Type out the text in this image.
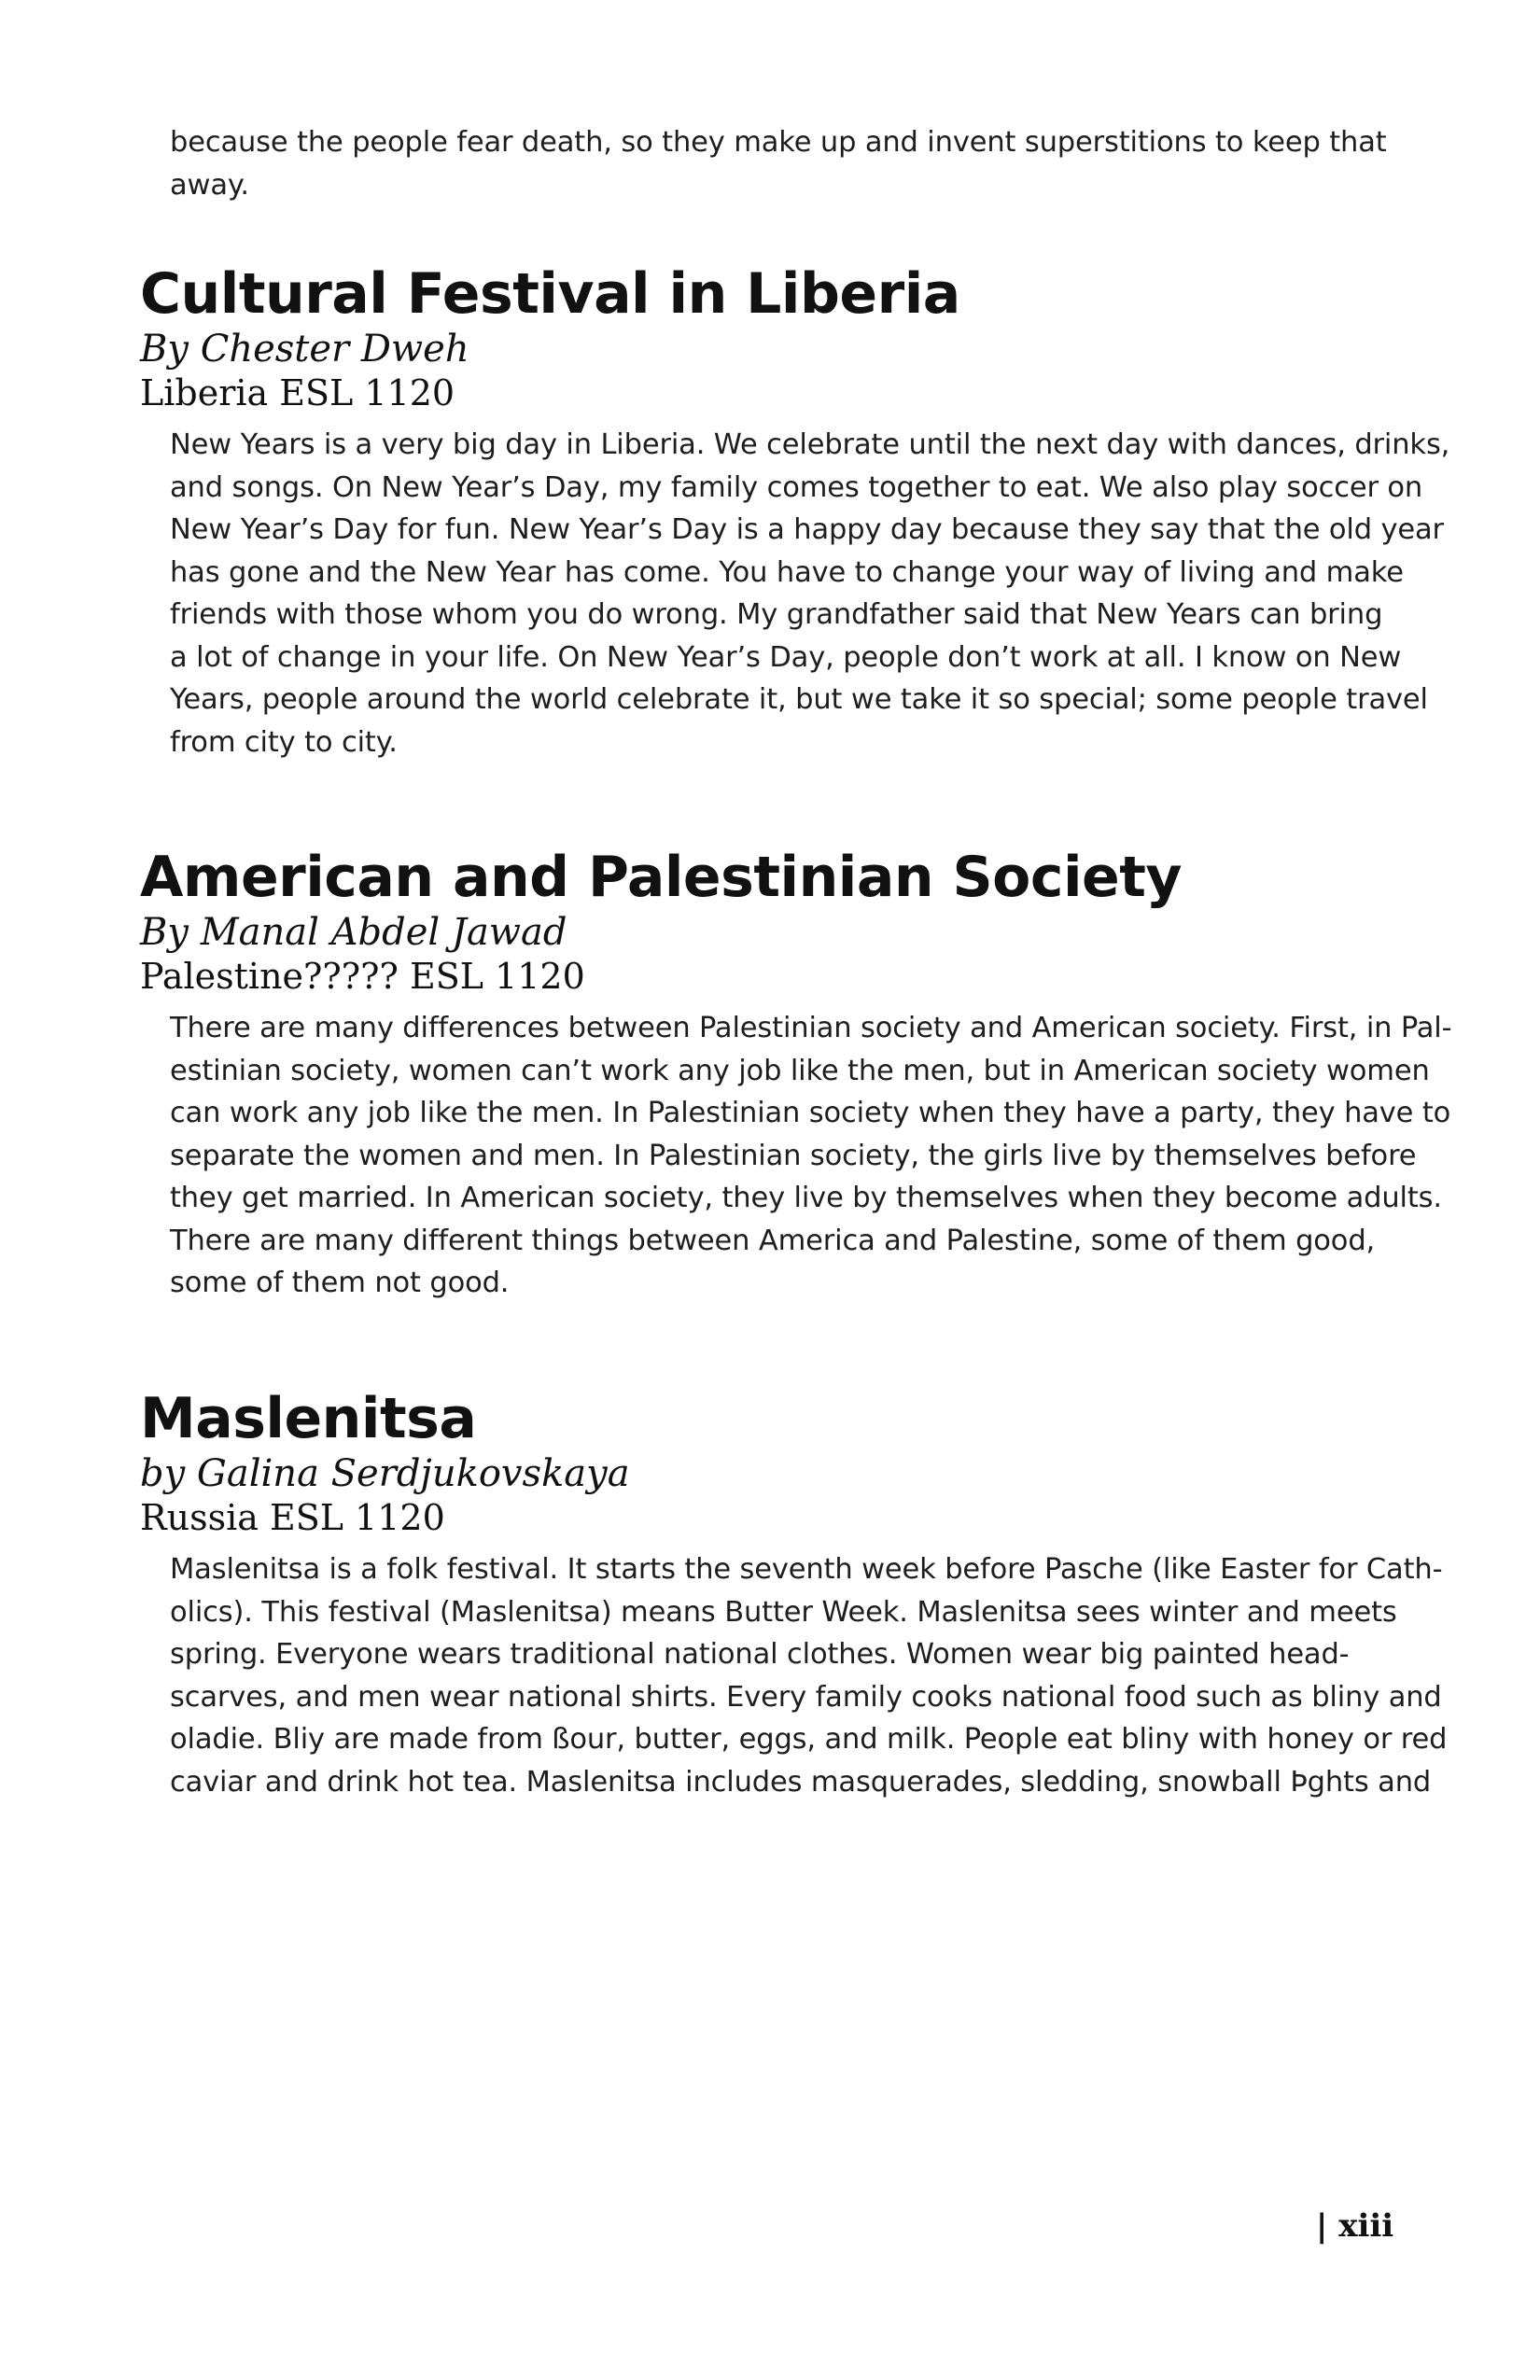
because the people fear death, so they make up and invent superstitions to keep that
away.

Cultural Festival in Liberia

By Chester Dweh

Liberia ESL 1120

New Years is a very big day in Liberia. We celebrate until the next day with dances, drinks,
and songs. On New Year’s Day, my family comes together to eat. We also play soccer on
New Year’s Day for fun. New Year’s Day is a happy day because they say that the old year
has gone and the New Year has come. You have to change your way of living and make
friends with those whom you do wrong. My grandfather said that New Years can bring
a lot of change in your life. On New Year’s Day, people don’t work at all. I know on New
Years, people around the world celebrate it, but we take it so special; some people travel
from city to city.

American and Palestinian Society

By Manal Abdel Jawad

Palestine????? ESL 1120

There are many differences between Palestinian society and American society. First, in Pal-
estinian society, women can’t work any job like the men, but in American society women
can work any job like the men. In Palestinian society when they have a party, they have to
separate the women and men. In Palestinian society, the girls live by themselves before
they get married. In American society, they live by themselves when they become adults.
There are many different things between America and Palestine, some of them good,
some of them not good.

Maslenitsa

by Galina Serdjukovskaya

Russia ESL 1120

Maslenitsa is a folk festival. It starts the seventh week before Pasche (like Easter for Cath-
olics). This festival (Maslenitsa) means Butter Week. Maslenitsa sees winter and meets
spring. Everyone wears traditional national clothes. Women wear big painted head-
scarves, and men wear national shirts. Every family cooks national food such as bliny and
oladie. Bliy are made from ßour, butter, eggs, and milk. People eat bliny with honey or red
caviar and drink hot tea. Maslenitsa includes masquerades, sledding, snowball Þghts and

| xiii
